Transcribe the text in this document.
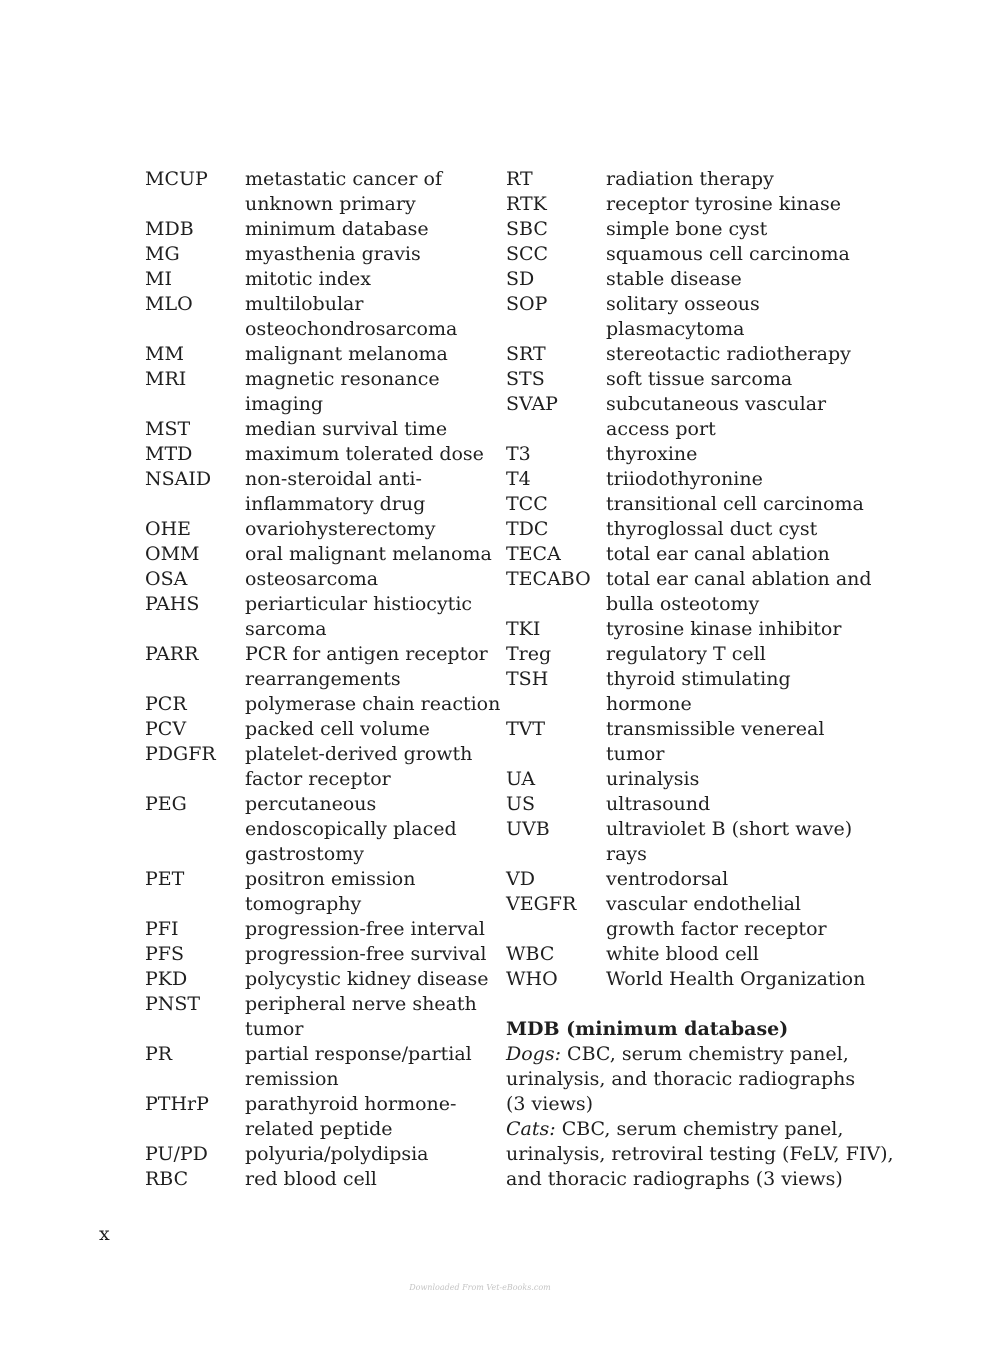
MCUP	metastatic cancer of
unknown primary
MDB	minimum database
MG	myasthenia gravis
MI	mitotic index
MLO	multilobular
osteochondrosarcoma
MM	malignant melanoma
MRI	magnetic resonance
imaging
MST	median survival time
MTD	maximum tolerated dose
NSAID	non-steroidal anti-
inflammatory drug
OHE	ovariohysterectomy
OMM	oral malignant melanoma
OSA	osteosarcoma
PAHS	periarticular histiocytic
sarcoma
PARR	PCR for antigen receptor
rearrangements
PCR	polymerase chain reaction
PCV	packed cell volume
PDGFR	platelet-derived growth
factor receptor
PEG	percutaneous
endoscopically placed
gastrostomy
PET	positron emission
tomography
PFI	progression-free interval
PFS	progression-free survival
PKD	polycystic kidney disease
PNST	peripheral nerve sheath
tumor
PR	partial response/partial
remission
PTHrP	parathyroid hormone-
related peptide
PU/PD	polyuria/polydipsia
RBC	red blood cell
RT	radiation therapy
RTK	receptor tyrosine kinase
SBC	simple bone cyst
SCC	squamous cell carcinoma
SD	stable disease
SOP	solitary osseous
plasmacytoma
SRT	stereotactic radiotherapy
STS	soft tissue sarcoma
SVAP	subcutaneous vascular
access port
T3	thyroxine
T4	triiodothyronine
TCC	transitional cell carcinoma
TDC	thyroglossal duct cyst
TECA	total ear canal ablation
TECABO total ear canal ablation and
bulla osteotomy
TKI	tyrosine kinase inhibitor
Treg	regulatory T cell
TSH	thyroid stimulating
hormone
TVT	transmissible venereal
tumor
UA	urinalysis
US	ultrasound
UVB	ultraviolet B (short wave)
rays
VD	ventrodorsal
VEGFR	vascular endothelial
growth factor receptor
WBC	white blood cell
WHO	World Health Organization
MDB (minimum database)
Dogs: CBC, serum chemistry panel,
urinalysis, and thoracic radiographs
(3 views)
Cats: CBC, serum chemistry panel,
urinalysis, retroviral testing (FeLV, FIV),
and thoracic radiographs (3 views)
x
Downloaded From Vet-eBooks.com
